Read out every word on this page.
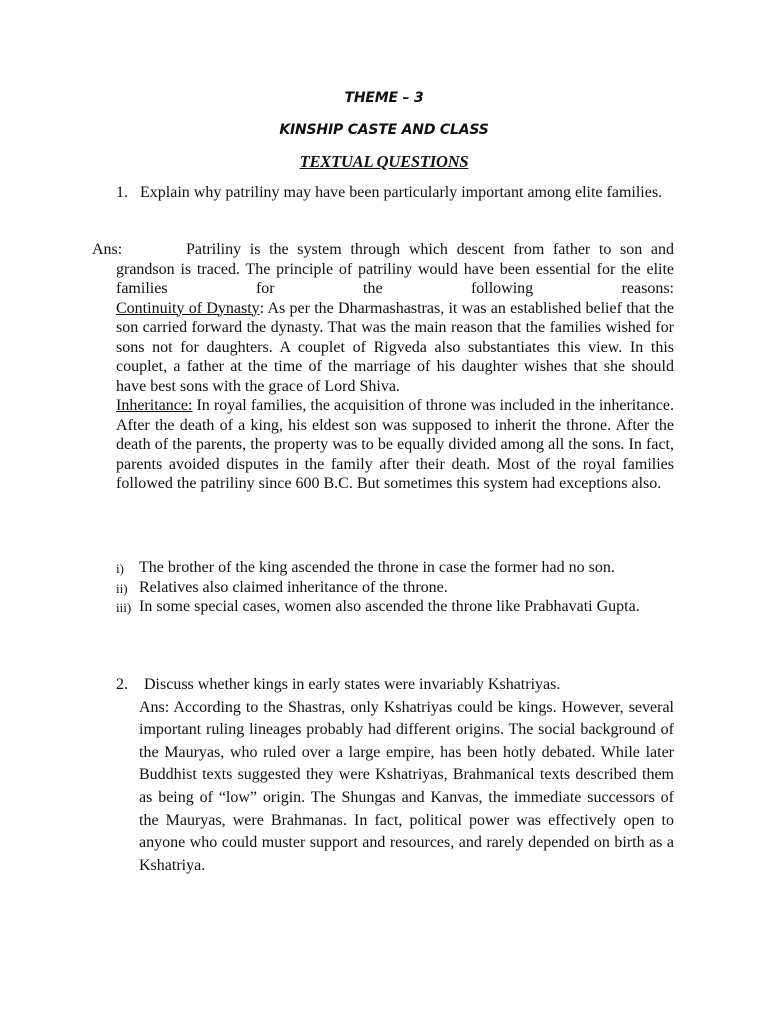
THEME – 3
KINSHIP CASTE AND CLASS
TEXTUAL QUESTIONS
1. Explain why patriliny may have been particularly important among elite families.
Ans:	Patriliny is the system through which descent from father to son and grandson is traced. The principle of patriliny would have been essential for the elite families for the following reasons:

Continuity of Dynasty: As per the Dharmashastras, it was an established belief that the son carried forward the dynasty. That was the main reason that the families wished for sons not for daughters. A couplet of Rigveda also substantiates this view. In this couplet, a father at the time of the marriage of his daughter wishes that she should have best sons with the grace of Lord Shiva.

Inheritance: In royal families, the acquisition of throne was included in the inheritance. After the death of a king, his eldest son was supposed to inherit the throne. After the death of the parents, the property was to be equally divided among all the sons. In fact, parents avoided disputes in the family after their death. Most of the royal families followed the patriliny since 600 B.C. But sometimes this system had exceptions also.

i) The brother of the king ascended the throne in case the former had no son.
ii) Relatives also claimed inheritance of the throne.
iii) In some special cases, women also ascended the throne like Prabhavati Gupta.
2. Discuss whether kings in early states were invariably Kshatriyas.
Ans: According to the Shastras, only Kshatriyas could be kings. However, several important ruling lineages probably had different origins. The social background of the Mauryas, who ruled over a large empire, has been hotly debated. While later Buddhist texts suggested they were Kshatriyas, Brahmanical texts described them as being of “low” origin. The Shungas and Kanvas, the immediate successors of the Mauryas, were Brahmanas. In fact, political power was effectively open to anyone who could muster support and resources, and rarely depended on birth as a Kshatriya.
